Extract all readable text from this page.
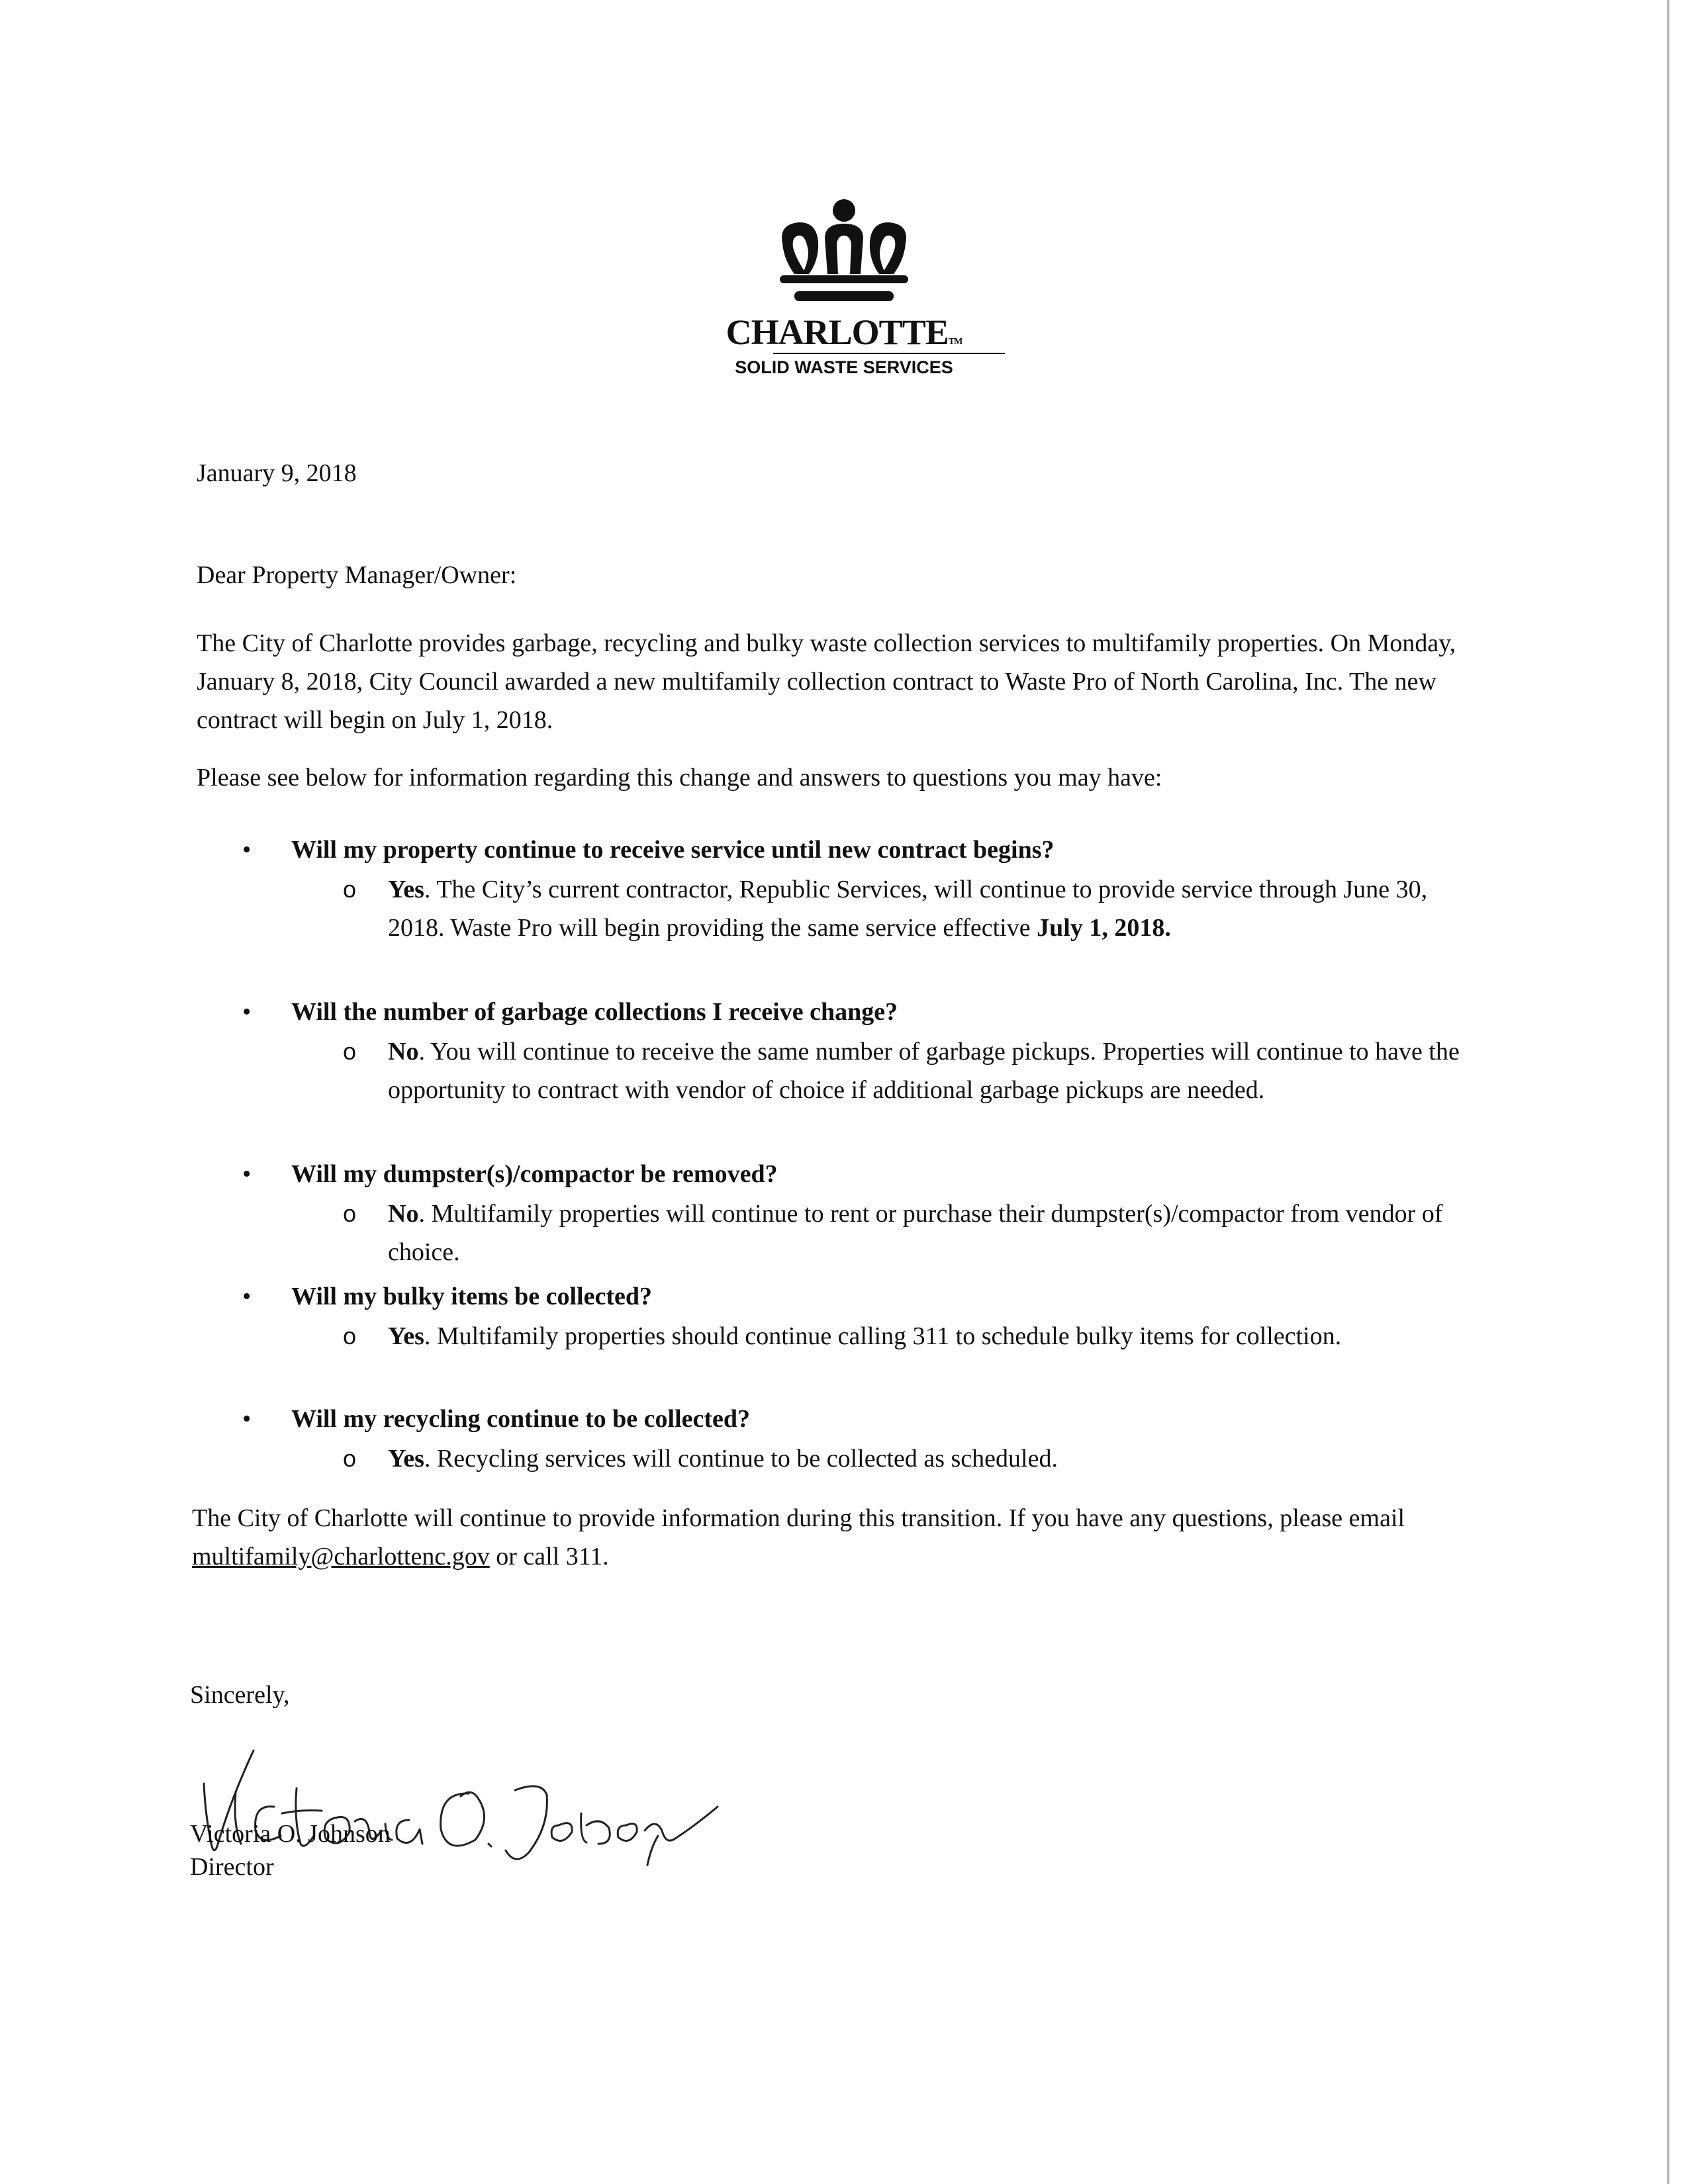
CHARLOTTETM
SOLID WASTE SERVICES

January 9, 2018

Dear Property Manager/Owner:

The City of Charlotte provides garbage, recycling and bulky waste collection services to multifamily properties. On Monday, January 8, 2018, City Council awarded a new multifamily collection contract to Waste Pro of North Carolina, Inc. The new contract will begin on July 1, 2018.

Please see below for information regarding this change and answers to questions you may have:

• Will my property continue to receive service until new contract begins?
o Yes. The City’s current contractor, Republic Services, will continue to provide service through June 30, 2018. Waste Pro will begin providing the same service effective July 1, 2018.
• Will the number of garbage collections I receive change?
o No. You will continue to receive the same number of garbage pickups. Properties will continue to have the opportunity to contract with vendor of choice if additional garbage pickups are needed.
• Will my dumpster(s)/compactor be removed?
o No. Multifamily properties will continue to rent or purchase their dumpster(s)/compactor from vendor of choice.
• Will my bulky items be collected?
o Yes. Multifamily properties should continue calling 311 to schedule bulky items for collection.
• Will my recycling continue to be collected?
o Yes. Recycling services will continue to be collected as scheduled.

The City of Charlotte will continue to provide information during this transition. If you have any questions, please email multifamily@charlottenc.gov or call 311.

Sincerely,

Victoria O. Johnson

Director
